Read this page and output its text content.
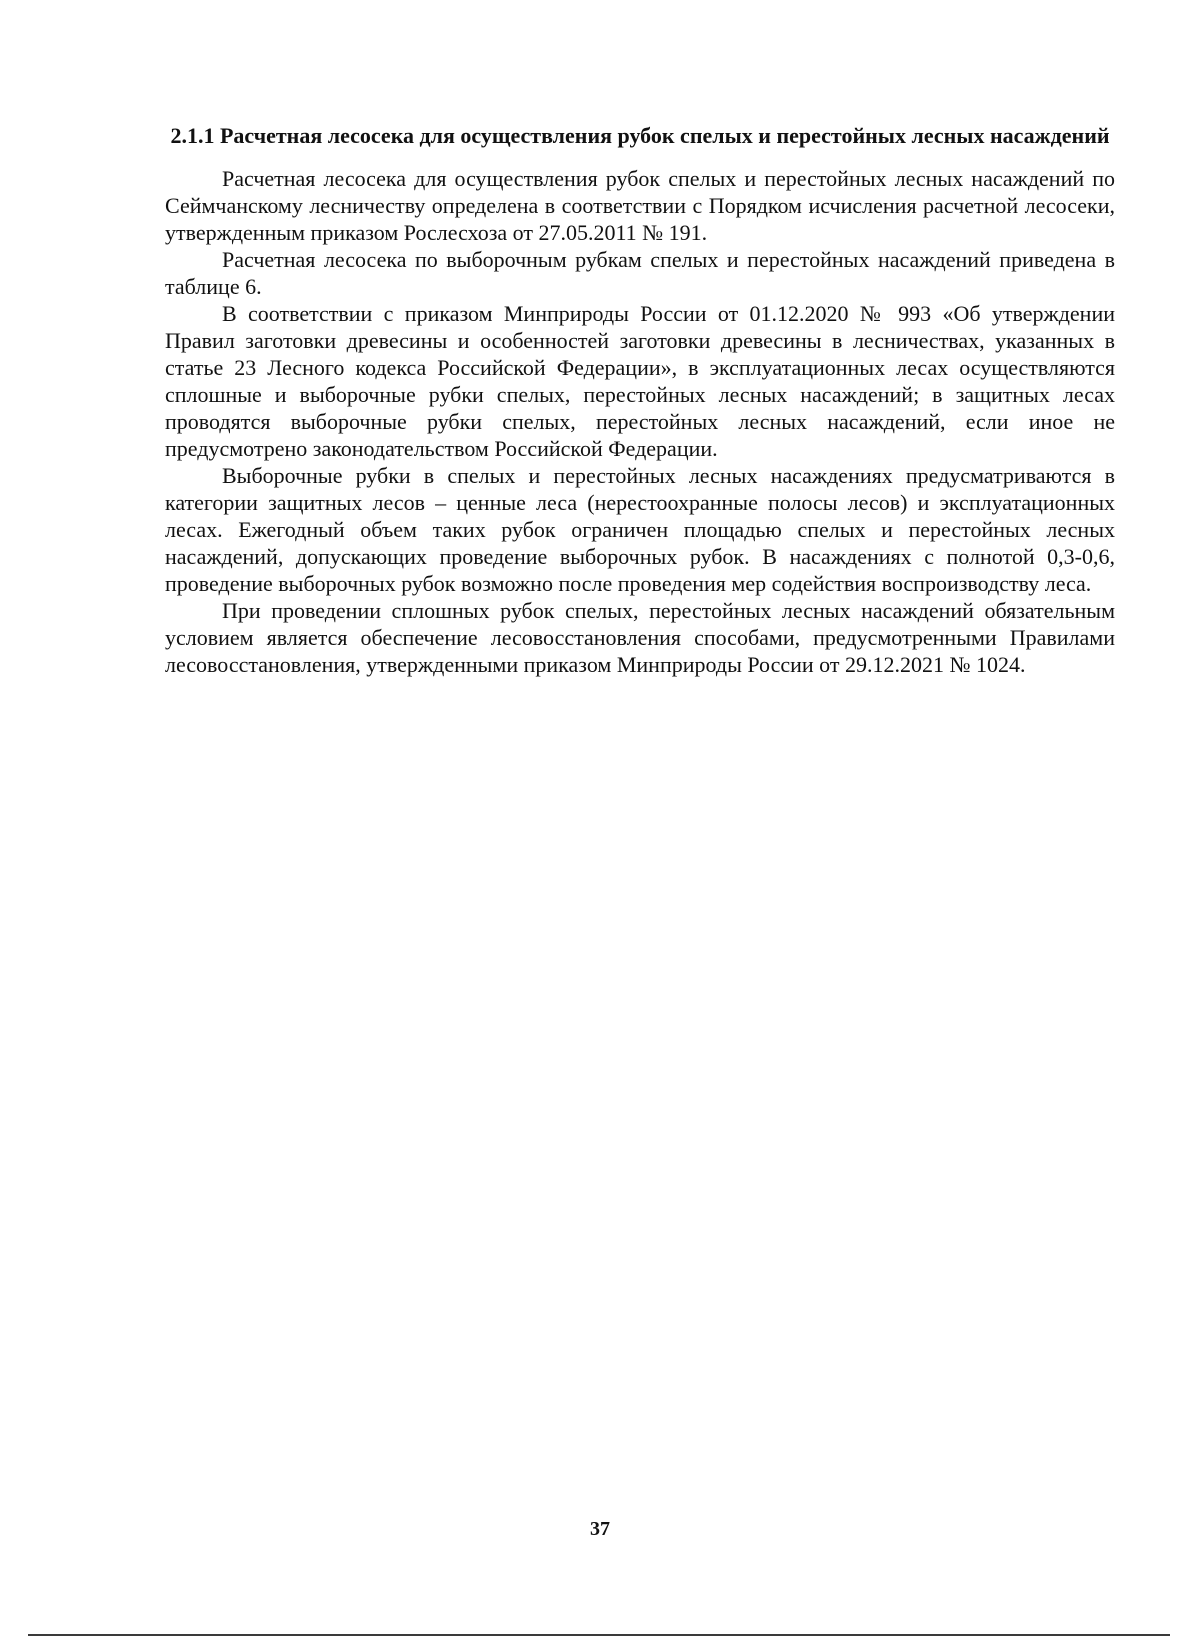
2.1.1 Расчетная лесосека для осуществления рубок спелых и перестойных лесных насаждений

Расчетная лесосека для осуществления рубок спелых и перестойных лесных насаждений по Сеймчанскому лесничеству определена в соответствии с Порядком исчисления расчетной лесосеки, утвержденным приказом Рослесхоза от 27.05.2011 № 191.

Расчетная лесосека по выборочным рубкам спелых и перестойных насаждений приведена в таблице 6.

В соответствии с приказом Минприроды России от 01.12.2020 № 993 «Об утверждении Правил заготовки древесины и особенностей заготовки древесины в лесничествах, указанных в статье 23 Лесного кодекса Российской Федерации», в эксплуатационных лесах осуществляются сплошные и выборочные рубки спелых, перестойных лесных насаждений; в защитных лесах проводятся выборочные рубки спелых, перестойных лесных насаждений, если иное не предусмотрено законодательством Российской Федерации.

Выборочные рубки в спелых и перестойных лесных насаждениях предусматриваются в категории защитных лесов – ценные леса (нерестоохранные полосы лесов) и эксплуатационных лесах. Ежегодный объем таких рубок ограничен площадью спелых и перестойных лесных насаждений, допускающих проведение выборочных рубок. В насаждениях с полнотой 0,3-0,6, проведение выборочных рубок возможно после проведения мер содействия воспроизводству леса.

При проведении сплошных рубок спелых, перестойных лесных насаждений обязательным условием является обеспечение лесовосстановления способами, предусмотренными Правилами лесовосстановления, утвержденными приказом Минприроды России от 29.12.2021 № 1024.

37
